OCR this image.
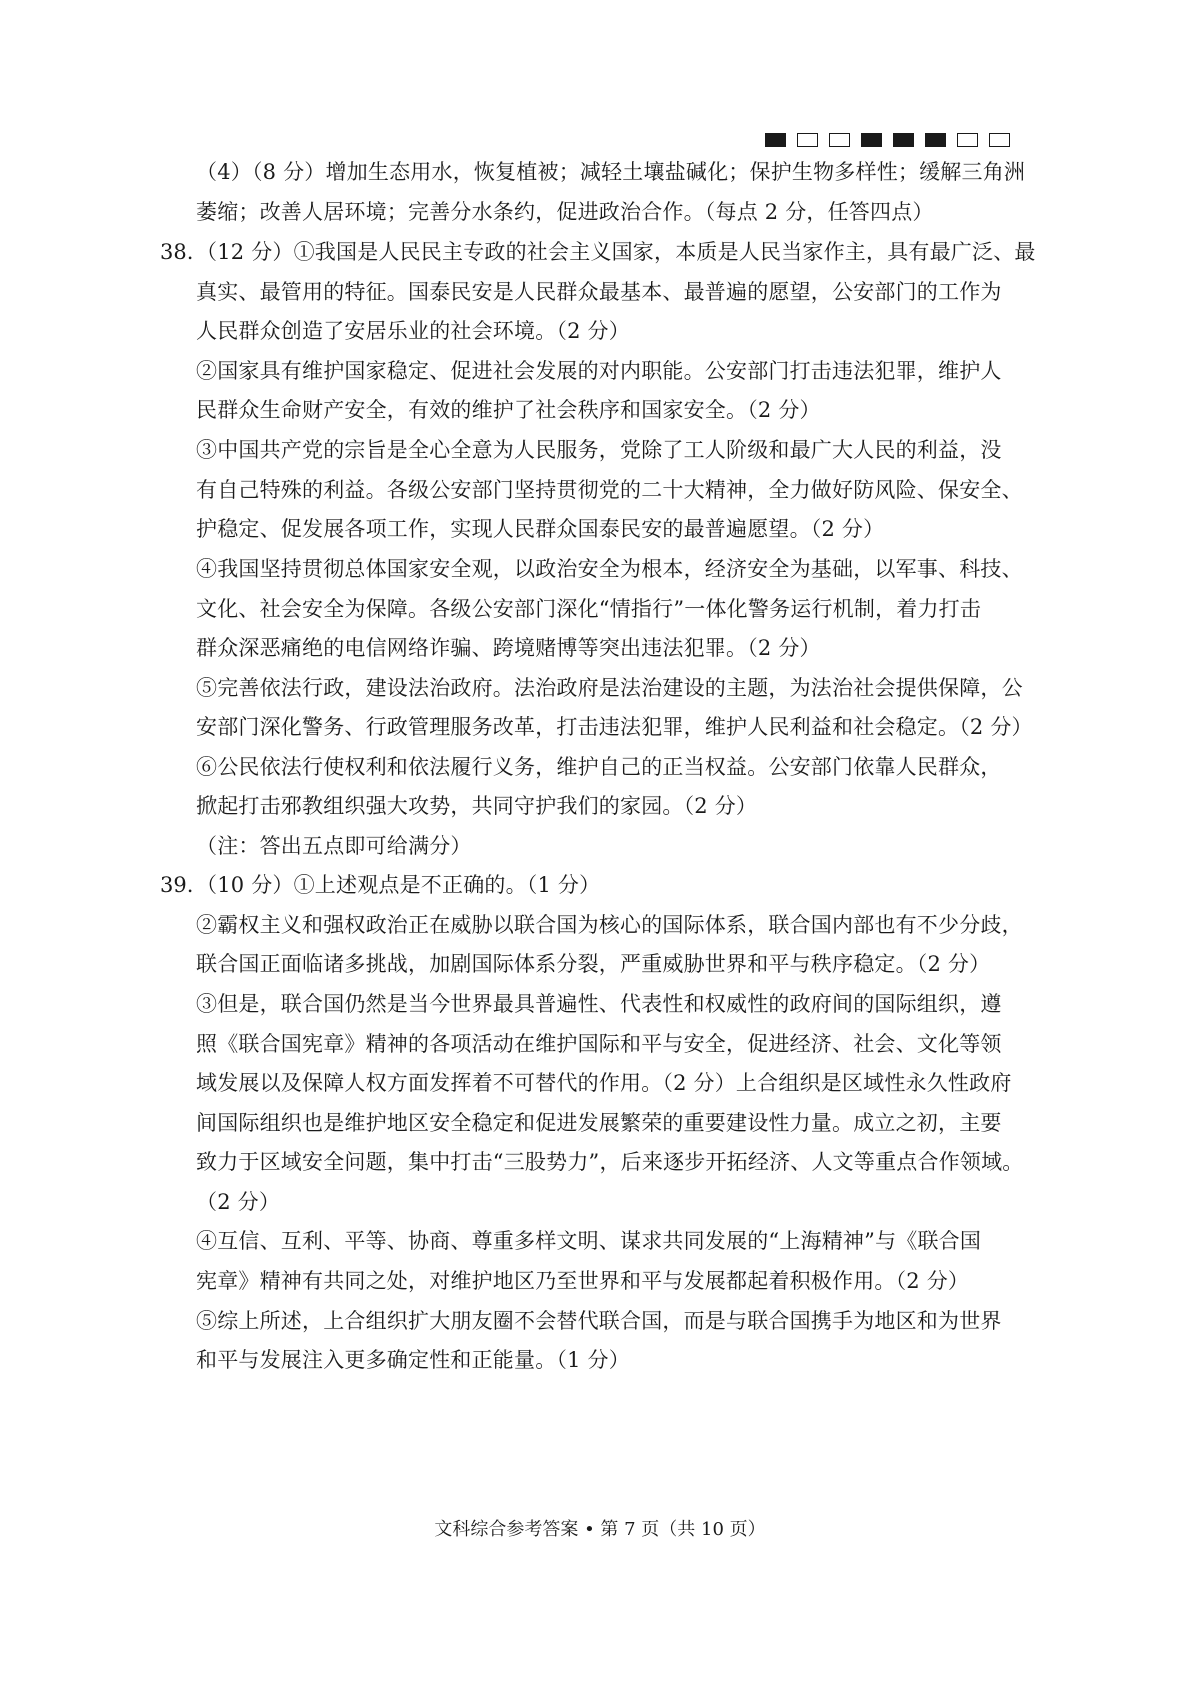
（4）（8 分）增加生态用水，恢复植被；减轻土壤盐碱化；保护生物多样性；缓解三角洲
萎缩；改善人居环境；完善分水条约，促进政治合作。（每点 2 分，任答四点）
38. （12 分）①我国是人民民主专政的社会主义国家，本质是人民当家作主，具有最广泛、最
真实、最管用的特征。国泰民安是人民群众最基本、最普遍的愿望，公安部门的工作为
人民群众创造了安居乐业的社会环境。（2 分）
②国家具有维护国家稳定、促进社会发展的对内职能。公安部门打击违法犯罪，维护人
民群众生命财产安全，有效的维护了社会秩序和国家安全。（2 分）
③中国共产党的宗旨是全心全意为人民服务，党除了工人阶级和最广大人民的利益，没
有自己特殊的利益。各级公安部门坚持贯彻党的二十大精神，全力做好防风险、保安全、
护稳定、促发展各项工作，实现人民群众国泰民安的最普遍愿望。（2 分）
④我国坚持贯彻总体国家安全观，以政治安全为根本，经济安全为基础，以军事、科技、
文化、社会安全为保障。各级公安部门深化“情指行”一体化警务运行机制，着力打击
群众深恶痛绝的电信网络诈骗、跨境赌博等突出违法犯罪。（2 分）
⑤完善依法行政，建设法治政府。法治政府是法治建设的主题，为法治社会提供保障，公
安部门深化警务、行政管理服务改革，打击违法犯罪，维护人民利益和社会稳定。（2 分）
⑥公民依法行使权利和依法履行义务，维护自己的正当权益。公安部门依靠人民群众，
掀起打击邪教组织强大攻势，共同守护我们的家园。（2 分）
（注：答出五点即可给满分）
39. （10 分）①上述观点是不正确的。（1 分）
②霸权主义和强权政治正在威胁以联合国为核心的国际体系，联合国内部也有不少分歧，
联合国正面临诸多挑战，加剧国际体系分裂，严重威胁世界和平与秩序稳定。（2 分）
③但是，联合国仍然是当今世界最具普遍性、代表性和权威性的政府间的国际组织，遵
照《联合国宪章》精神的各项活动在维护国际和平与安全，促进经济、社会、文化等领
域发展以及保障人权方面发挥着不可替代的作用。（2 分）上合组织是区域性永久性政府
间国际组织也是维护地区安全稳定和促进发展繁荣的重要建设性力量。成立之初，主要
致力于区域安全问题，集中打击“三股势力”，后来逐步开拓经济、人文等重点合作领域。
（2 分）
④互信、互利、平等、协商、尊重多样文明、谋求共同发展的“上海精神”与《联合国
宪章》精神有共同之处，对维护地区乃至世界和平与发展都起着积极作用。（2 分）
⑤综上所述，上合组织扩大朋友圈不会替代联合国，而是与联合国携手为地区和为世界
和平与发展注入更多确定性和正能量。（1 分）
文科综合参考答案 • 第 7 页（共 10 页）
